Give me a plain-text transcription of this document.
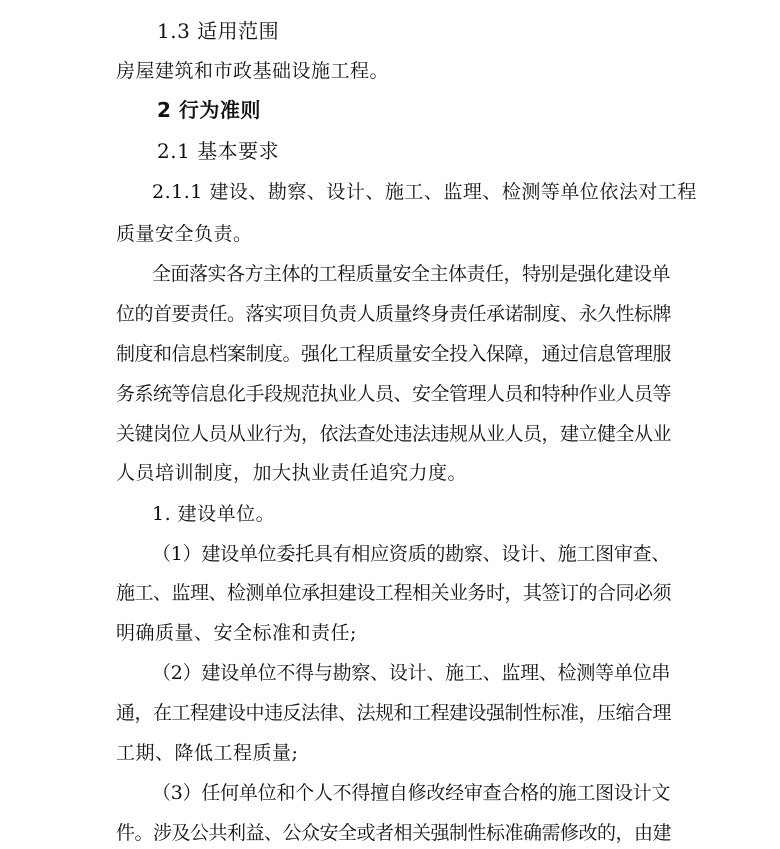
1.3 适用范围
房屋建筑和市政基础设施工程。
2 行为准则
2.1 基本要求
2.1.1 建设、勘察、设计、施工、监理、检测等单位依法对工程
质量安全负责。
全面落实各方主体的工程质量安全主体责任，特别是强化建设单
位的首要责任。落实项目负责人质量终身责任承诺制度、永久性标牌
制度和信息档案制度。强化工程质量安全投入保障，通过信息管理服
务系统等信息化手段规范执业人员、安全管理人员和特种作业人员等
关键岗位人员从业行为，依法查处违法违规从业人员，建立健全从业
人员培训制度，加大执业责任追究力度。
1. 建设单位。
（1）建设单位委托具有相应资质的勘察、设计、施工图审查、
施工、监理、检测单位承担建设工程相关业务时，其签订的合同必须
明确质量、安全标准和责任;
（2）建设单位不得与勘察、设计、施工、监理、检测等单位串
通，在工程建设中违反法律、法规和工程建设强制性标准，压缩合理
工期、降低工程质量;
（3）任何单位和个人不得擅自修改经审查合格的施工图设计文
件。涉及公共利益、公众安全或者相关强制性标准确需修改的，由建
